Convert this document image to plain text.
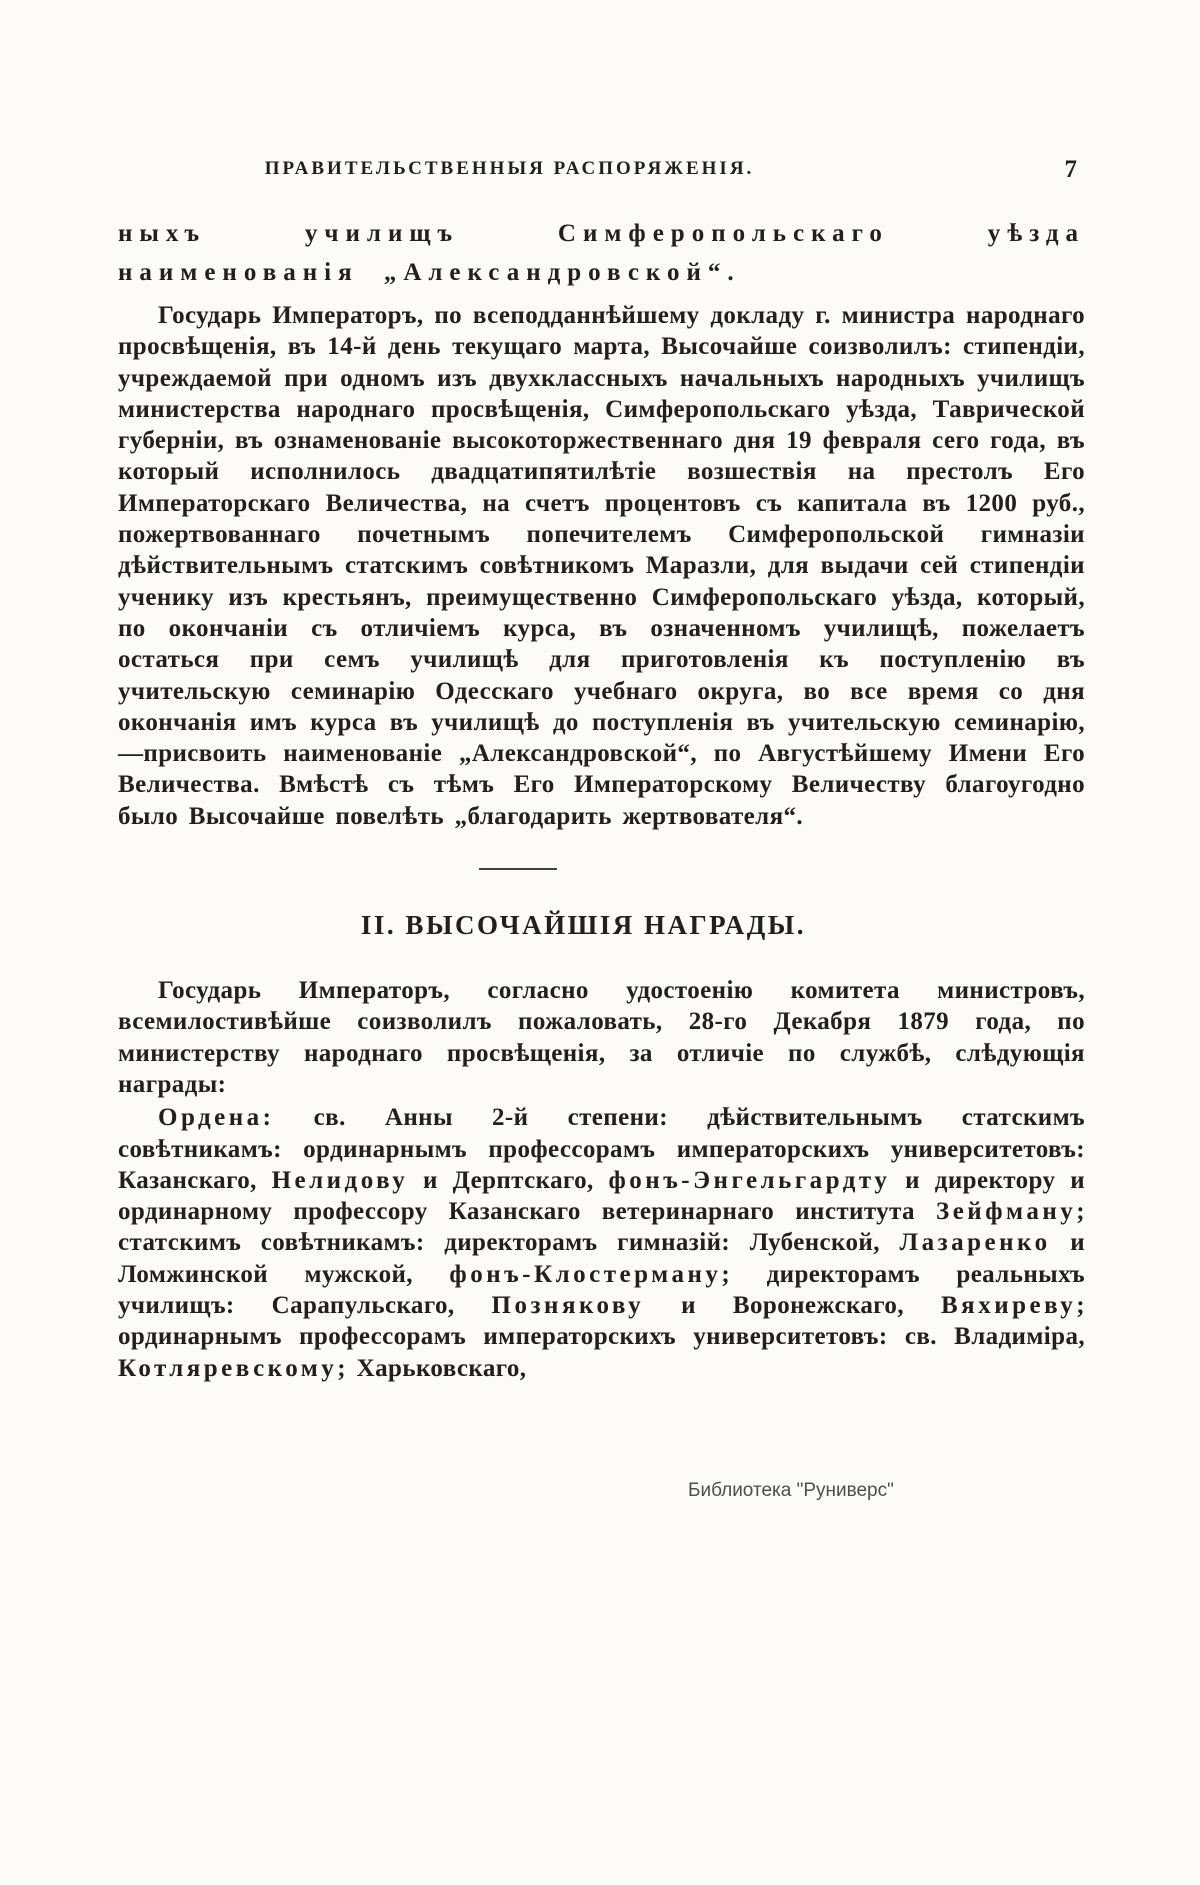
ПРАВИТЕЛЬСТВЕННЫЯ РАСПОРЯЖЕНІЯ.	7

ныхъ училищъ Симферопольскаго уѣзда наименованія „Александровской“.

Государь Императоръ, по всеподданнѣйшему докладу г. министра народнаго просвѣщенія, въ 14-й день текущаго марта, Высочайше соизволилъ: стипендіи, учреждаемой при одномъ изъ двухклассныхъ начальныхъ народныхъ училищъ министерства народнаго просвѣщенія, Симферопольскаго уѣзда, Таврической губерніи, въ ознаменованіе высокоторжественнаго дня 19 февраля сего года, въ который исполнилось двадцатипятилѣтіе возшествія на престолъ Его Императорскаго Величества, на счетъ процентовъ съ капитала въ 1200 руб., пожертвованнаго почетнымъ попечителемъ Симферопольской гимназіи дѣйствительнымъ статскимъ совѣтникомъ Маразли, для выдачи сей стипендіи ученику изъ крестьянъ, преимущественно Симферопольскаго уѣзда, который, по окончаніи съ отличіемъ курса, въ означенномъ училищѣ, пожелаетъ остаться при семъ училищѣ для приготовленія къ поступленію въ учительскую семинарію Одесскаго учебнаго округа, во все время со дня окончанія имъ курса въ училищѣ до поступленія въ учительскую семинарію,—присвоить наименованіе „Александровской“, по Августѣйшему Имени Его Величества. Вмѣстѣ съ тѣмъ Его Императорскому Величеству благоугодно было Высочайше повелѣть „благодарить жертвователя“.

II. ВЫСОЧАЙШІЯ НАГРАДЫ.

Государь Императоръ, согласно удостоенію комитета министровъ, всемилостивѣйше соизволилъ пожаловать, 28-го Декабря 1879 года, по министерству народнаго просвѣщенія, за отличіе по службѣ, слѣдующія награды:

Ордена: св. Анны 2-й степени: дѣйствительнымъ статскимъ совѣтникамъ: ординарнымъ профессорамъ императорскихъ университетовъ: Казанскаго, Нелидову и Дерптскаго, фонъ-Энгельгардту и директору и ординарному профессору Казанскаго ветеринарнаго института Зейфману; статскимъ совѣтникамъ: директорамъ гимназій: Лубенской, Лазаренко и Ломжинской мужской, фонъ-Клостерману; директорамъ реальныхъ училищъ: Сарапульскаго, Познякову и Воронежскаго, Вяхиреву; ординарнымъ профессорамъ императорскихъ университетовъ: св. Владиміра, Котляревскому; Харьковскаго,

Библиотека "Руниверс"
